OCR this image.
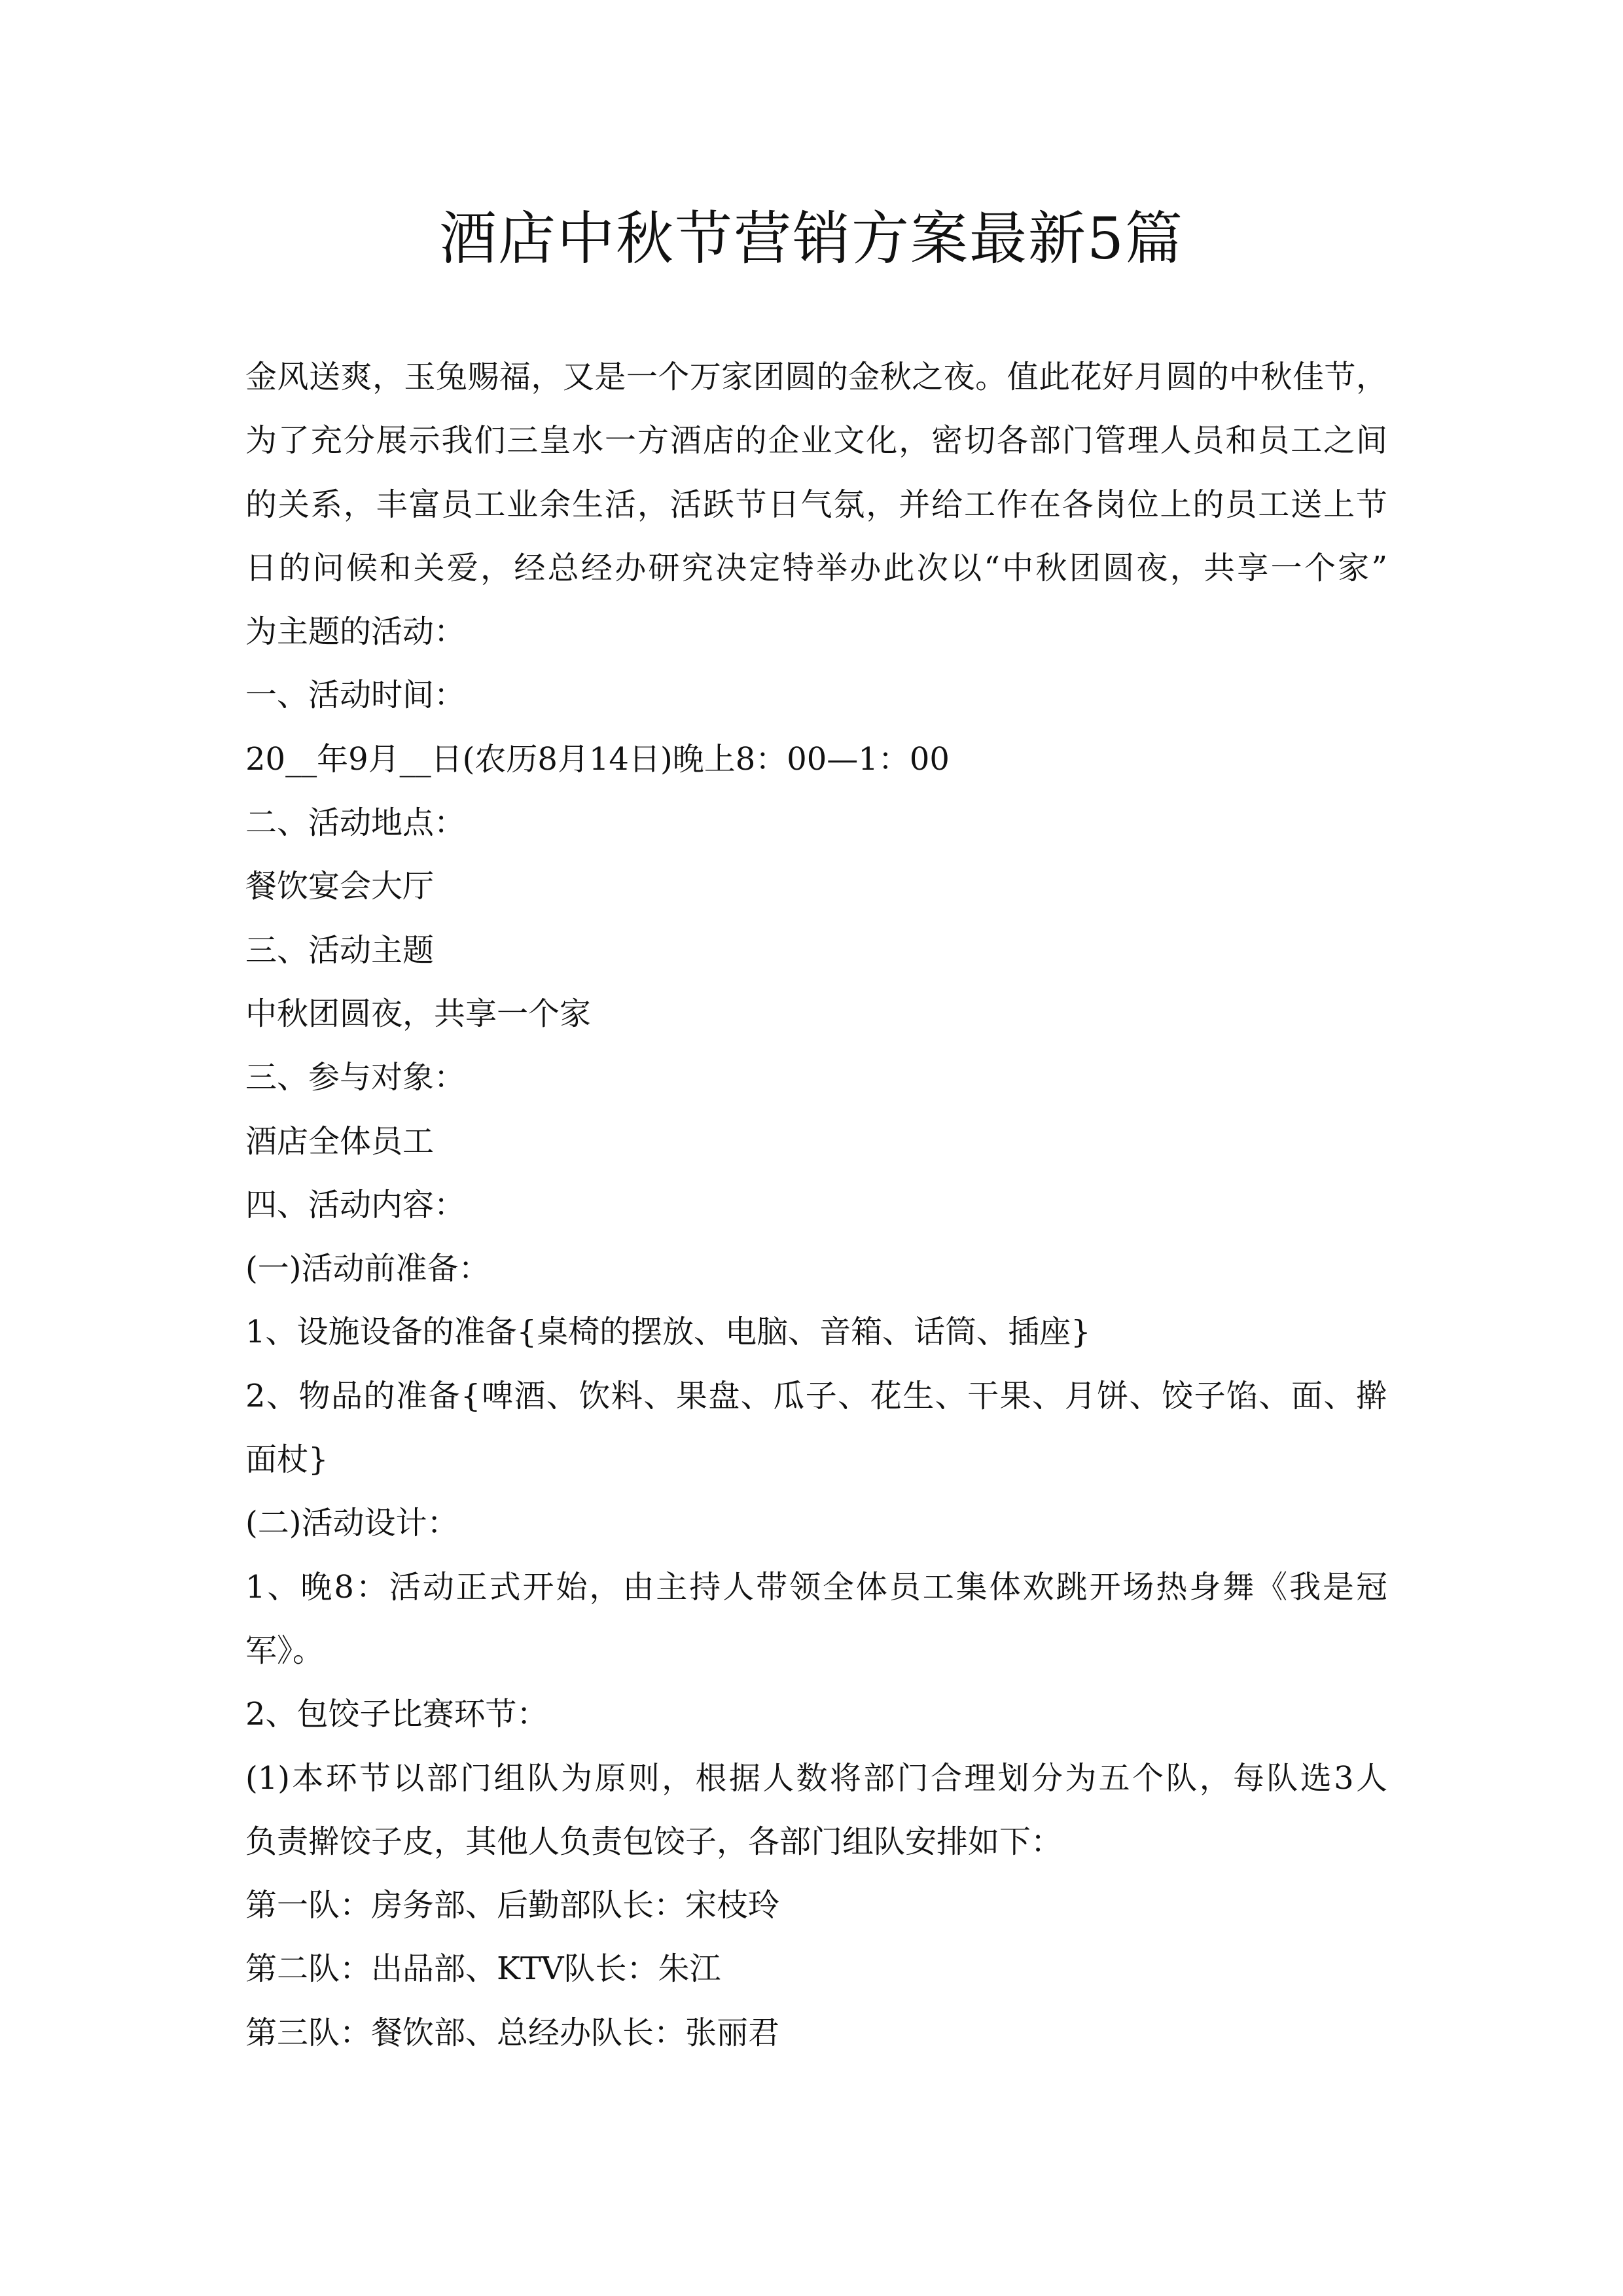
酒店中秋节营销方案最新5篇
金风送爽，玉兔赐福，又是一个万家团圆的金秋之夜。值此花好月圆的中秋佳节，
为了充分展示我们三皇水一方酒店的企业文化，密切各部门管理人员和员工之间
的关系，丰富员工业余生活，活跃节日气氛，并给工作在各岗位上的员工送上节
日的问候和关爱，经总经办研究决定特举办此次以“中秋团圆夜，共享一个家”
为主题的活动：
一、活动时间：
20__年9月__日(农历8月14日)晚上8：00—1：00
二、活动地点：
餐饮宴会大厅
三、活动主题
中秋团圆夜，共享一个家
三、参与对象：
酒店全体员工
四、活动内容：
(一)活动前准备：
1、设施设备的准备{桌椅的摆放、电脑、音箱、话筒、插座}
2、物品的准备{啤酒、饮料、果盘、瓜子、花生、干果、月饼、饺子馅、面、擀
面杖}
(二)活动设计：
1、晚8：活动正式开始，由主持人带领全体员工集体欢跳开场热身舞《我是冠
军》。
2、包饺子比赛环节：
(1)本环节以部门组队为原则，根据人数将部门合理划分为五个队，每队选3人
负责擀饺子皮，其他人负责包饺子，各部门组队安排如下：
第一队：房务部、后勤部队长：宋枝玲
第二队：出品部、KTV队长：朱江
第三队：餐饮部、总经办队长：张丽君
